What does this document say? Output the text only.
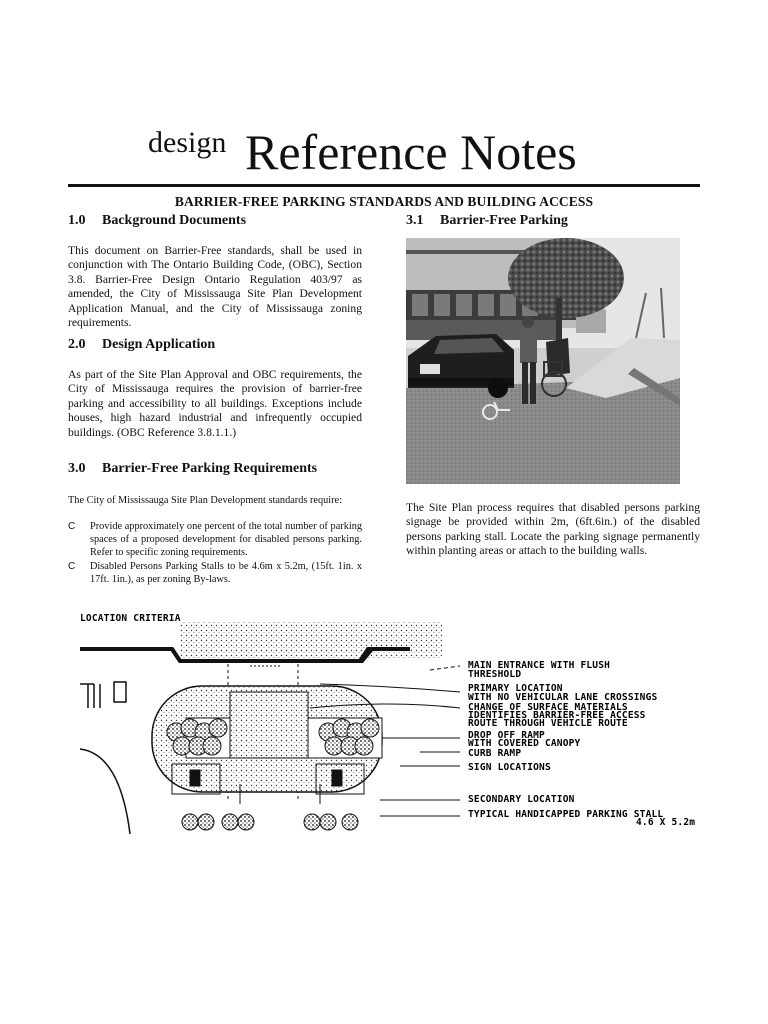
design Reference Notes
BARRIER-FREE PARKING STANDARDS AND BUILDING ACCESS
1.0 Background Documents
This document on Barrier-Free standards, shall be used in conjunction with The Ontario Building Code, (OBC), Section 3.8. Barrier-Free Design Ontario Regulation 403/97 as amended, the City of Mississauga Site Plan Development Application Manual, and the City of Mississauga zoning requirements.
2.0 Design Application
As part of the Site Plan Approval and OBC requirements, the City of Mississauga requires the provision of barrier-free parking and accessibility to all buildings. Exceptions include houses, high hazard industrial and infrequently occupied buildings. (OBC Reference 3.8.1.1.)
3.0 Barrier-Free Parking Requirements
The City of Mississauga Site Plan Development standards require:
C Provide approximately one percent of the total number of parking spaces of a proposed development for disabled persons parking. Refer to specific zoning requirements.
C Disabled Persons Parking Stalls to be 4.6m x 5.2m, (15ft. 1in. x 17ft. 1in.), as per zoning By-laws.
3.1 Barrier-Free Parking
The Site Plan process requires that disabled persons parking signage be provided within 2m, (6ft.6in.) of the disabled persons parking stall. Locate the parking signage permanently within planting areas or attach to the building walls.
LOCATION CRITERIA
MAIN ENTRANCE WITH FLUSH
THRESHOLD
PRIMARY LOCATION
WITH NO VEHICULAR LANE CROSSINGS
CHANGE OF SURFACE MATERIALS
IDENTIFIES BARRIER-FREE ACCESS
ROUTE THROUGH VEHICLE ROUTE
DROP OFF RAMP
WITH COVERED CANOPY
CURB RAMP
SIGN LOCATIONS
SECONDARY LOCATION
TYPICAL HANDICAPPED PARKING STALL
4.6 X 5.2m
